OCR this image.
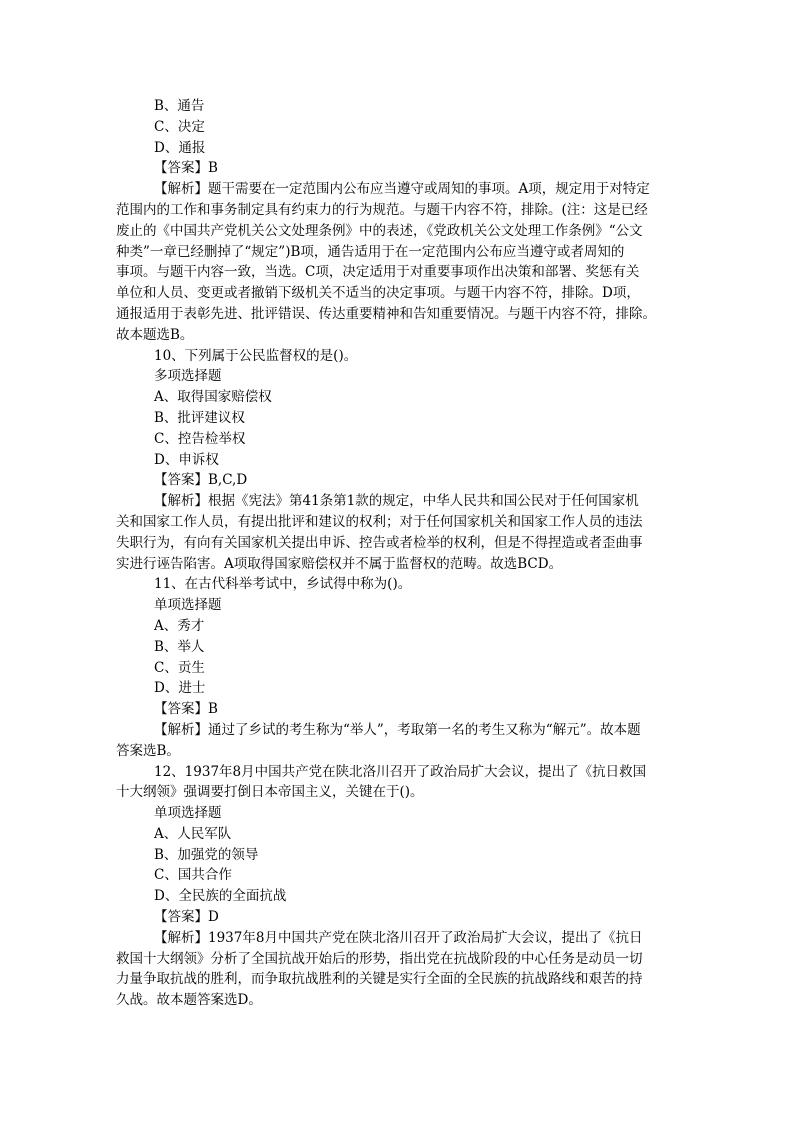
B、通告
C、决定
D、通报
【答案】B
【解析】题干需要在一定范围内公布应当遵守或周知的事项。A项，规定用于对特定
范围内的工作和事务制定具有约束力的行为规范。与题干内容不符，排除。(注：这是已经
废止的《中国共产党机关公文处理条例》中的表述，《党政机关公文处理工作条例》“公文
种类”一章已经删掉了“规定”)B项，通告适用于在一定范围内公布应当遵守或者周知的
事项。与题干内容一致，当选。C项，决定适用于对重要事项作出决策和部署、奖惩有关
单位和人员、变更或者撤销下级机关不适当的决定事项。与题干内容不符，排除。D项，
通报适用于表彰先进、批评错误、传达重要精神和告知重要情况。与题干内容不符，排除。
故本题选B。
10、下列属于公民监督权的是()。
多项选择题
A、取得国家赔偿权
B、批评建议权
C、控告检举权
D、申诉权
【答案】B,C,D
【解析】根据《宪法》第41条第1款的规定，中华人民共和国公民对于任何国家机
关和国家工作人员，有提出批评和建议的权利；对于任何国家机关和国家工作人员的违法
失职行为，有向有关国家机关提出申诉、控告或者检举的权利，但是不得捏造或者歪曲事
实进行诬告陷害。A项取得国家赔偿权并不属于监督权的范畴。故选BCD。
11、在古代科举考试中，乡试得中称为()。
单项选择题
A、秀才
B、举人
C、贡生
D、进士
【答案】B
【解析】通过了乡试的考生称为“举人”，考取第一名的考生又称为“解元”。故本题
答案选B。
12、1937年8月中国共产党在陕北洛川召开了政治局扩大会议，提出了《抗日救国
十大纲领》强调要打倒日本帝国主义，关键在于()。
单项选择题
A、人民军队
B、加强党的领导
C、国共合作
D、全民族的全面抗战
【答案】D
【解析】1937年8月中国共产党在陕北洛川召开了政治局扩大会议，提出了《抗日
救国十大纲领》分析了全国抗战开始后的形势，指出党在抗战阶段的中心任务是动员一切
力量争取抗战的胜利，而争取抗战胜利的关键是实行全面的全民族的抗战路线和艰苦的持
久战。故本题答案选D。
